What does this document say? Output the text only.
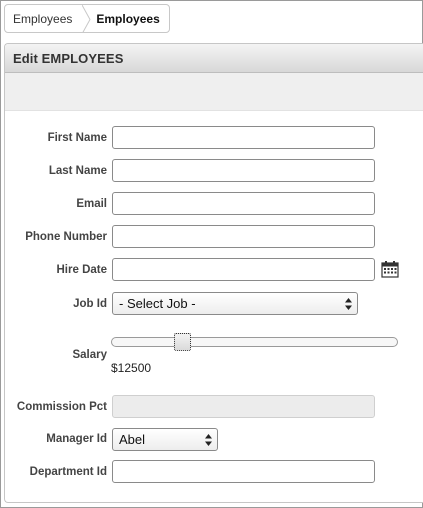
Employees	Employees
Edit EMPLOYEES
First Name
Last Name
Email
Phone Number
Hire Date
Job Id - Select Job -
Salary
$12500
Commission Pct
Manager Id Abel
Department Id
